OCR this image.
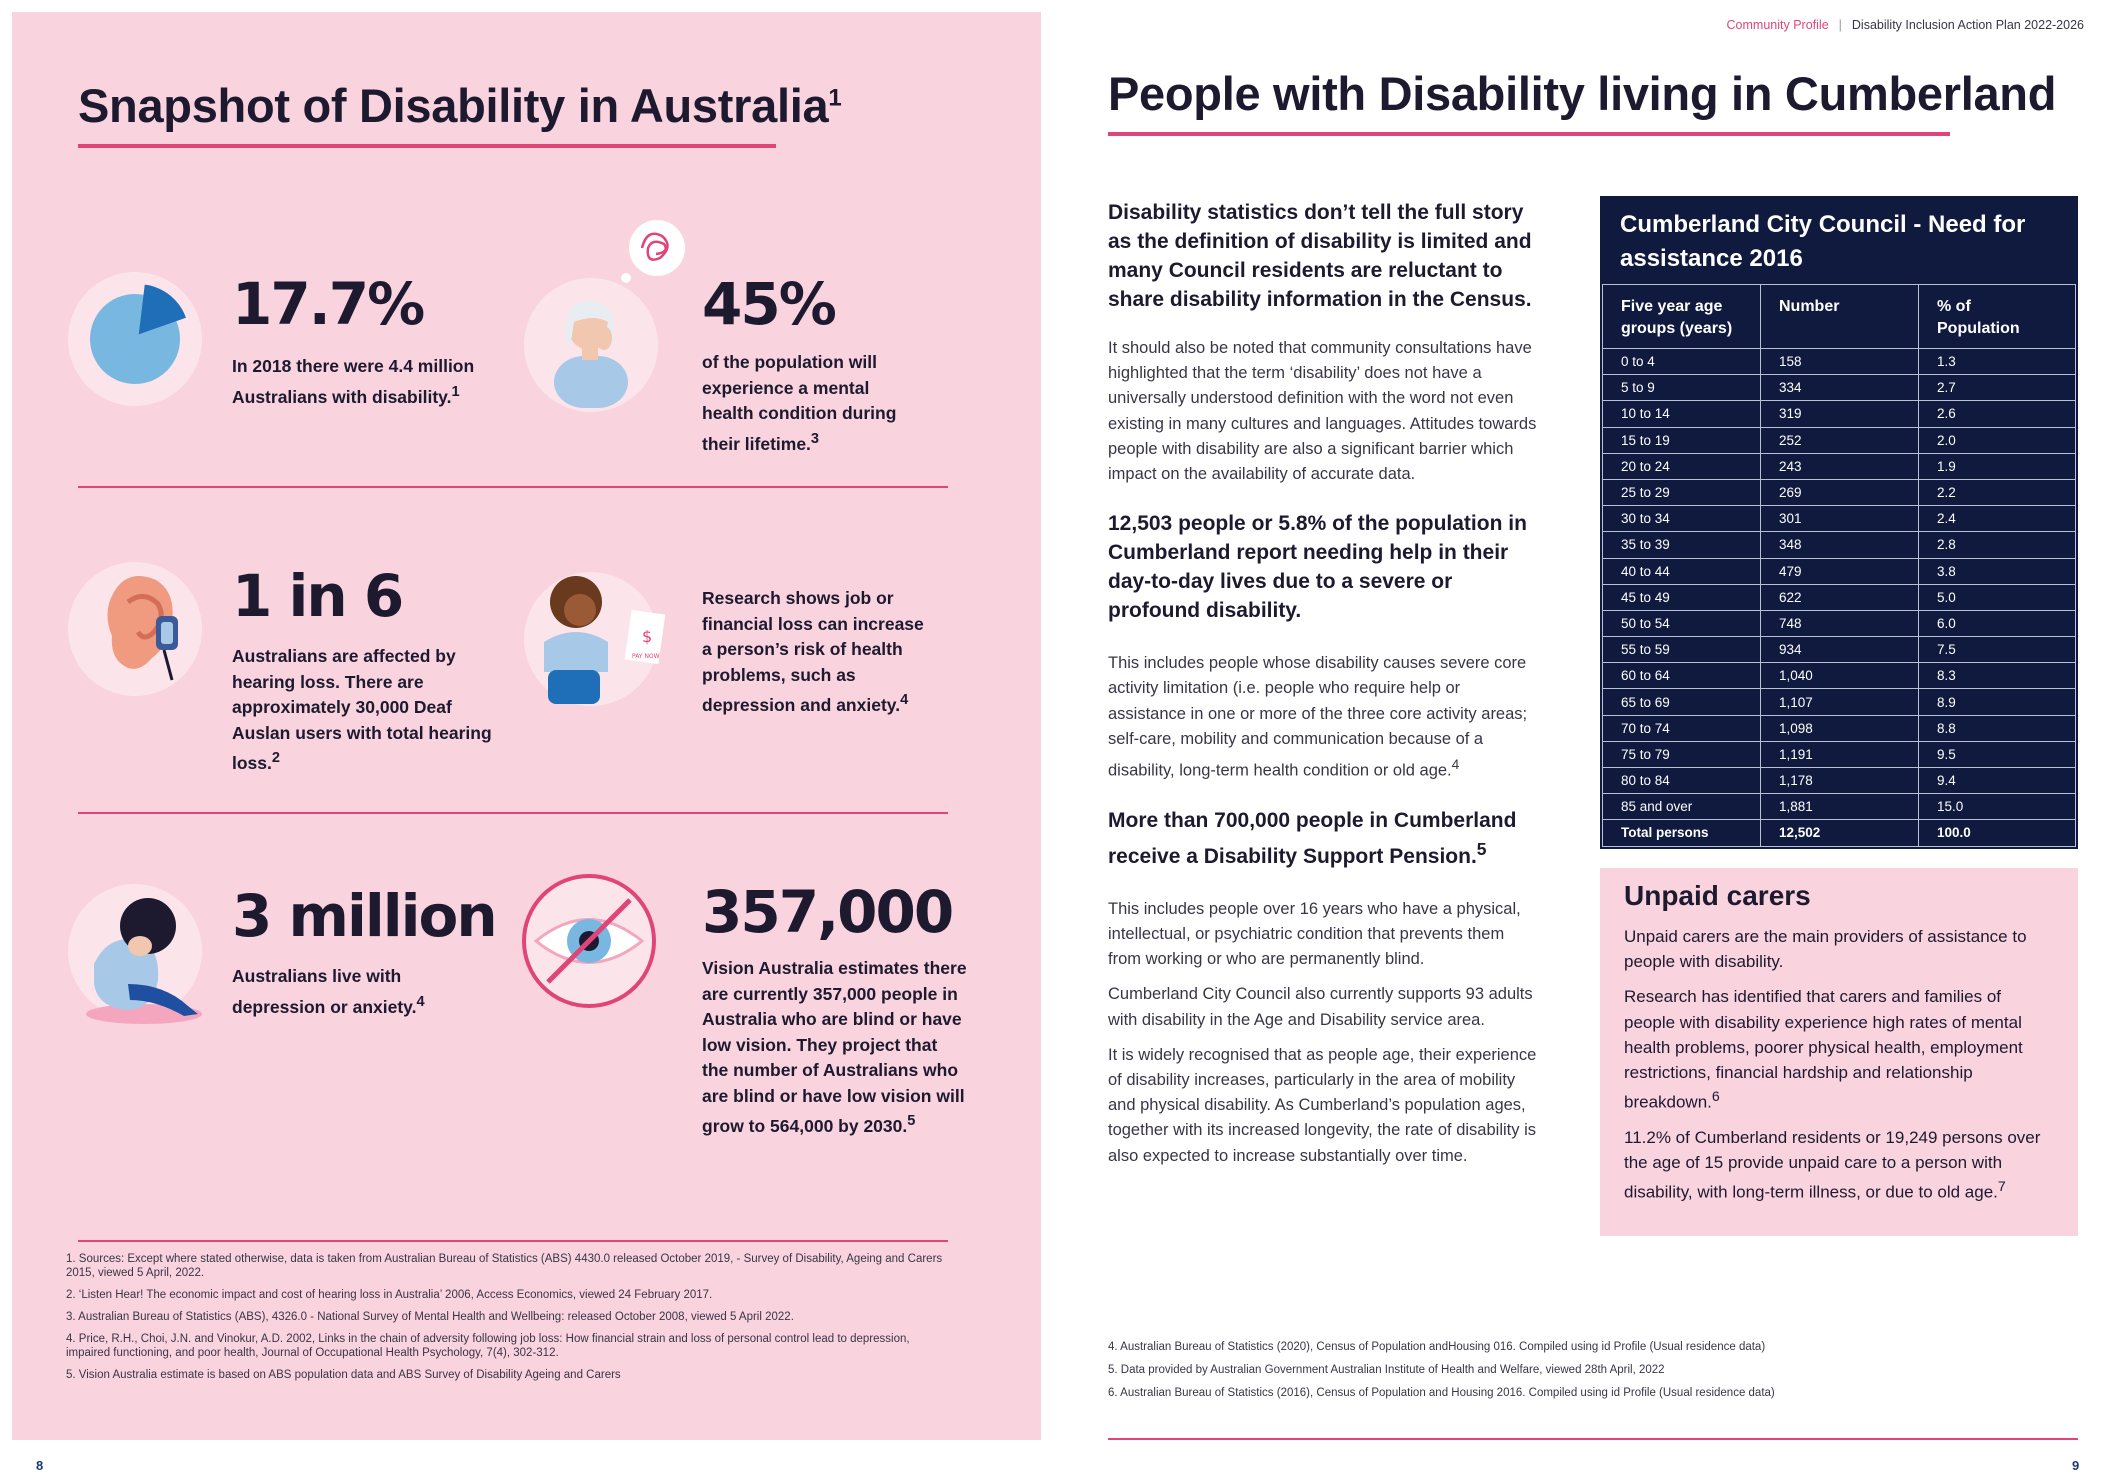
Snapshot of Disability in Australia$^1$
17.7%
In 2018 there were 4.4 million Australians with disability.$^1$
45%
of the population will experience a mental health condition during their lifetime.$^3$
1 in 6
Australians are affected by hearing loss. There are approximately 30,000 Deaf Auslan users with total hearing loss.$^2$
$
PAY NOW
Research shows job or financial loss can increase a person’s risk of health problems, such as depression and anxiety.$^4$
3 million
Australians live with depression or anxiety.$^4$
357,000
Vision Australia estimates there are currently 357,000 people in Australia who are blind or have low vision. They project that the number of Australians who are blind or have low vision will grow to 564,000 by 2030.$^5$

1. Sources: Except where stated otherwise, data is taken from Australian Bureau of Statistics (ABS) 4430.0 released October 2019, - Survey of Disability, Ageing and Carers 2015, viewed 5 April, 2022.

2. ‘Listen Hear! The economic impact and cost of hearing loss in Australia’ 2006, Access Economics, viewed 24 February 2017.

3. Australian Bureau of Statistics (ABS), 4326.0 - National Survey of Mental Health and Wellbeing: released October 2008, viewed 5 April 2022.

4. Price, R.H., Choi, J.N. and Vinokur, A.D. 2002, Links in the chain of adversity following job loss: How financial strain and loss of personal control lead to depression, impaired functioning, and poor health, Journal of Occupational Health Psychology, 7(4), 302-312.

5. Vision Australia estimate is based on ABS population data and ABS Survey of Disability Ageing and Carers

8
Community Profile | Disability Inclusion Action Plan 2022-2026
People with Disability living in Cumberland

Disability statistics don’t tell the full story as the definition of disability is limited and many Council residents are reluctant to share disability information in the Census.

It should also be noted that community consultations have highlighted that the term ‘disability’ does not have a universally understood definition with the word not even existing in many cultures and languages. Attitudes towards people with disability are also a significant barrier which impact on the availability of accurate data.

12,503 people or 5.8% of the population in Cumberland report needing help in their day-to-day lives due to a severe or profound disability.

This includes people whose disability causes severe core activity limitation (i.e. people who require help or assistance in one or more of the three core activity areas; self-care, mobility and communication because of a disability, long-term health condition or old age.$^4$

More than 700,000 people in Cumberland receive a Disability Support Pension.$^5$

This includes people over 16 years who have a physical, intellectual, or psychiatric condition that prevents them from working or who are permanently blind.

Cumberland City Council also currently supports 93 adults with disability in the Age and Disability service area.

It is widely recognised that as people age, their experience of disability increases, particularly in the area of mobility and physical disability. As Cumberland’s population ages, together with its increased longevity, the rate of disability is also expected to increase substantially over time.

Cumberland City Council - Need for assistance 2016
Five year age groups (years)	Number	% of Population
0 to 4	158	1.3
5 to 9	334	2.7
10 to 14	319	2.6
15 to 19	252	2.0
20 to 24	243	1.9
25 to 29	269	2.2
30 to 34	301	2.4
35 to 39	348	2.8
40 to 44	479	3.8
45 to 49	622	5.0
50 to 54	748	6.0
55 to 59	934	7.5
60 to 64	1,040	8.3
65 to 69	1,107	8.9
70 to 74	1,098	8.8
75 to 79	1,191	9.5
80 to 84	1,178	9.4
85 and over	1,881	15.0
Total persons	12,502	100.0
Unpaid carers

Unpaid carers are the main providers of assistance to people with disability.

Research has identified that carers and families of people with disability experience high rates of mental health problems, poorer physical health, employment restrictions, financial hardship and relationship breakdown.$^6$

11.2% of Cumberland residents or 19,249 persons over the age of 15 provide unpaid care to a person with disability, with long-term illness, or due to old age.$^7$

4. Australian Bureau of Statistics (2020), Census of Population andHousing 016. Compiled using id Profile (Usual residence data)

5. Data provided by Australian Government Australian Institute of Health and Welfare, viewed 28th April, 2022

6. Australian Bureau of Statistics (2016), Census of Population and Housing 2016. Compiled using id Profile (Usual residence data)

9
